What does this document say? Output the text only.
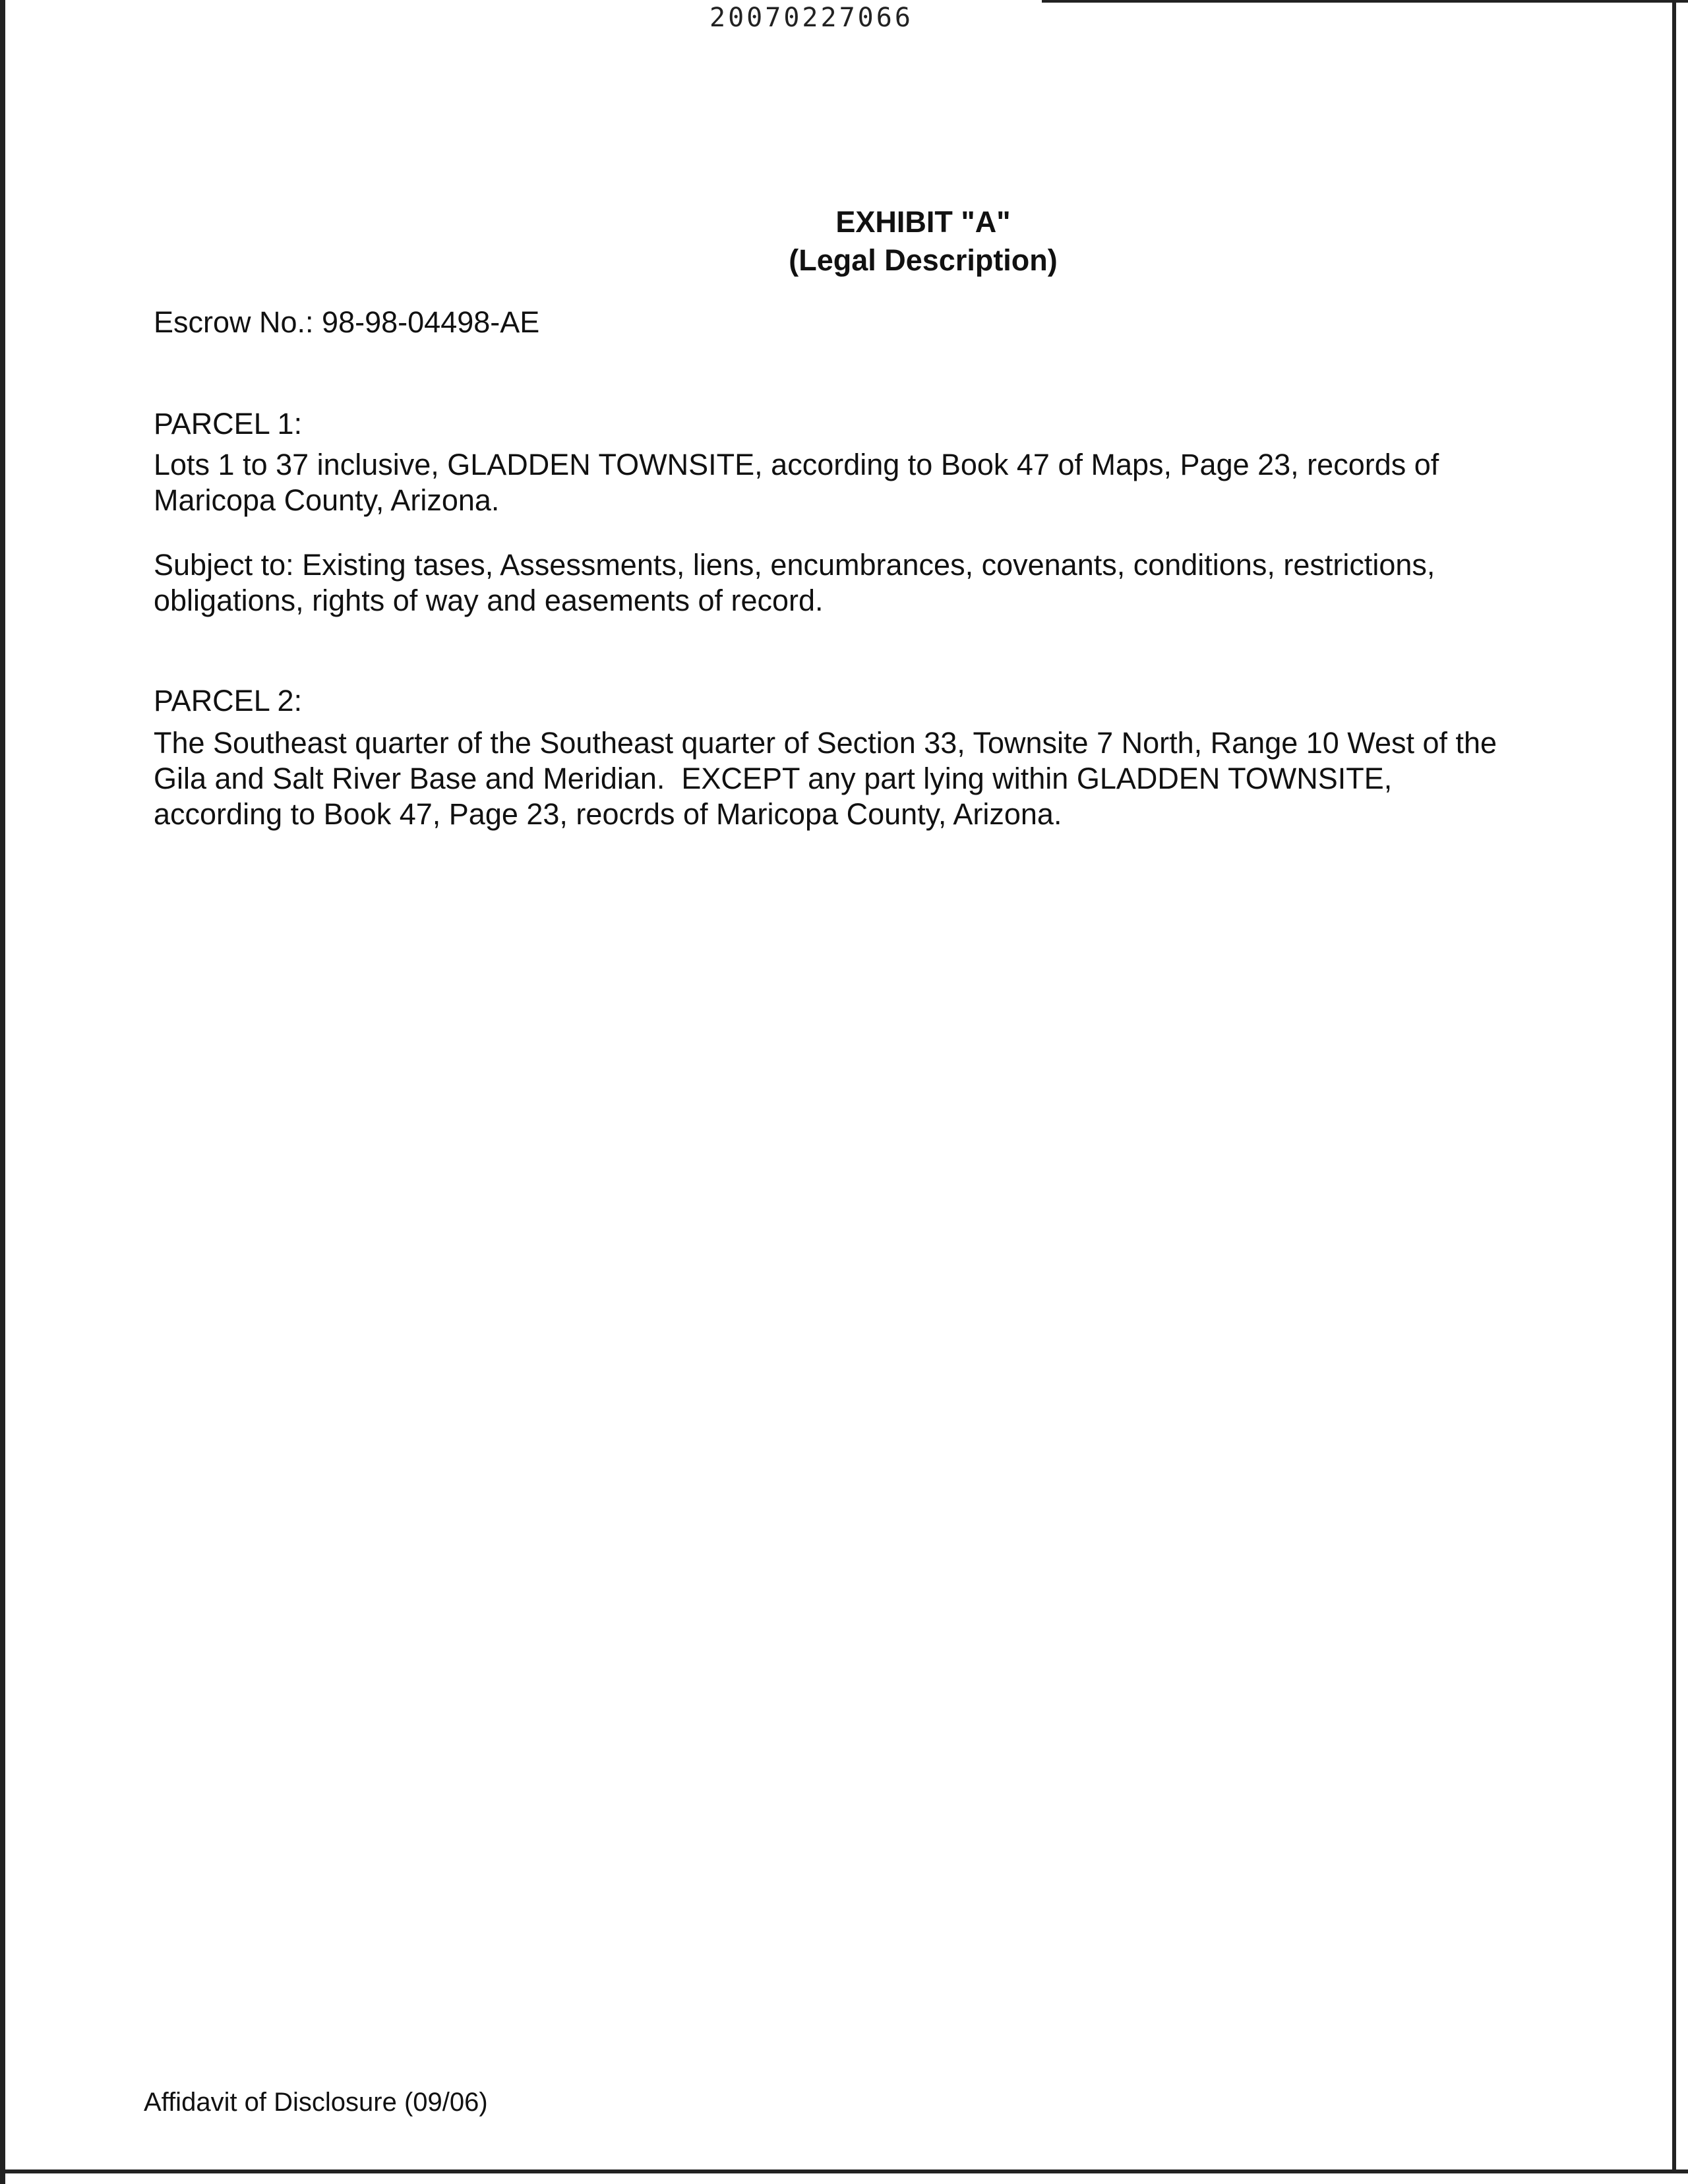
20070227066
EXHIBIT "A"
(Legal Description)

Escrow No.: 98-98-04498-AE

PARCEL 1:

Lots 1 to 37 inclusive, GLADDEN TOWNSITE, according to Book 47 of Maps, Page 23, records of
Maricopa County, Arizona.

Subject to: Existing tases, Assessments, liens, encumbrances, covenants, conditions, restrictions,
obligations, rights of way and easements of record.

PARCEL 2:

The Southeast quarter of the Southeast quarter of Section 33, Townsite 7 North, Range 10 West of the
Gila and Salt River Base and Meridian.  EXCEPT any part lying within GLADDEN TOWNSITE,
according to Book 47, Page 23, reocrds of Maricopa County, Arizona.

Affidavit of Disclosure (09/06)
